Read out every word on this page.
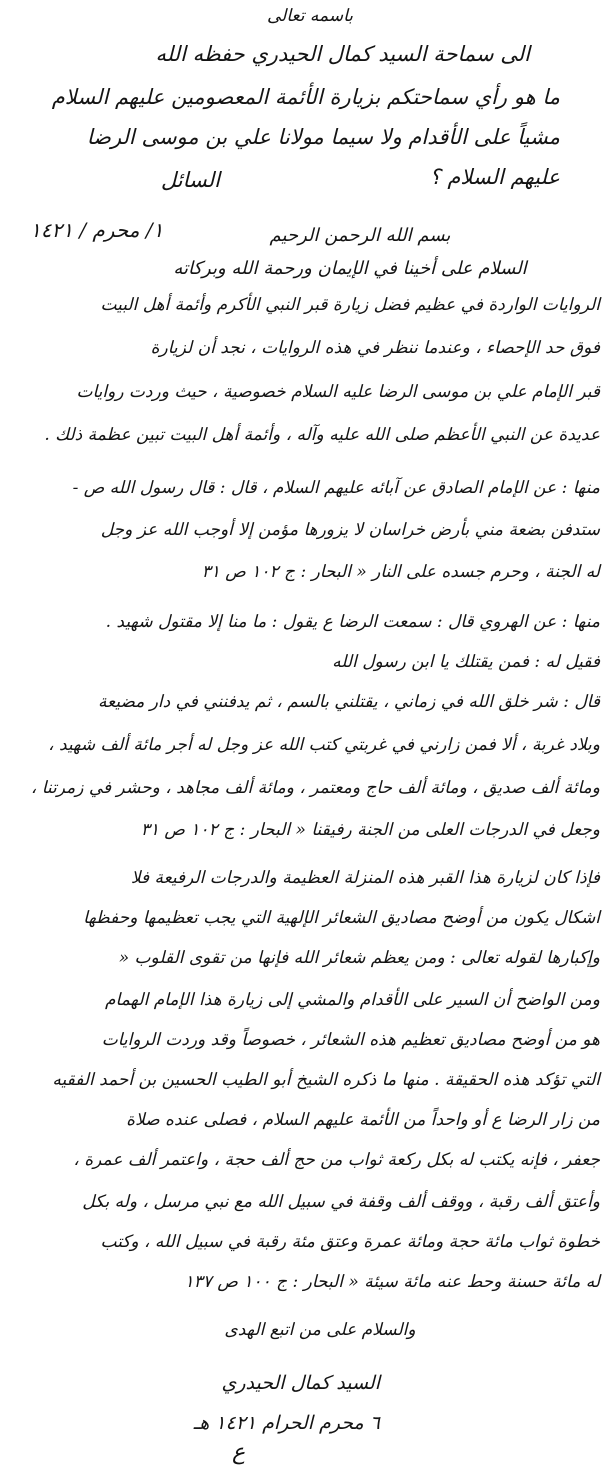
باسمه تعالى
الى سماحة السيد كمال الحيدري حفظه الله
ما هو رأي سماحتكم بزيارة الأئمة المعصومين عليهم السلام
مشياً على الأقدام ولا سيما مولانا علي بن موسى الرضا
عليهم السلام ؟
السائل
١/ محرم / ١٤٢١	بسم الله الرحمن الرحيم
السلام على أخينا في الإيمان ورحمة الله وبركاته
الروايات الواردة في عظيم فضل زيارة قبر النبي الأكرم وأئمة أهل البيت
فوق حد الإحصاء ، وعندما ننظر في هذه الروايات ، نجد أن لزيارة
قبر الإمام علي بن موسى الرضا عليه السلام خصوصية ، حيث وردت روايات
عديدة عن النبي الأعظم صلى الله عليه وآله ، وأئمة أهل البيت تبين عظمة ذلك .
منها : عن الإمام الصادق عن آبائه عليهم السلام ، قال : قال رسول الله ص -
ستدفن بضعة مني بأرض خراسان لا يزورها مؤمن إلا أوجب الله عز وجل
له الجنة ، وحرم جسده على النار « البحار : ج ١٠٢ ص ٣١
منها : عن الهروي قال : سمعت الرضا ع يقول : ما منا إلا مقتول شهيد .
فقيل له : فمن يقتلك يا ابن رسول الله
قال : شر خلق الله في زماني ، يقتلني بالسم ، ثم يدفنني في دار مضيعة
وبلاد غربة ، ألا فمن زارني في غربتي كتب الله عز وجل له أجر مائة ألف شهيد ،
ومائة ألف صديق ، ومائة ألف حاج ومعتمر ، ومائة ألف مجاهد ، وحشر في زمرتنا ،
وجعل في الدرجات العلى من الجنة رفيقنا « البحار : ج ١٠٢ ص ٣١
فإذا كان لزيارة هذا القبر هذه المنزلة العظيمة والدرجات الرفيعة فلا
اشكال يكون من أوضح مصاديق الشعائر الإلهية التي يجب تعظيمها وحفظها
وإكبارها لقوله تعالى : ومن يعظم شعائر الله فإنها من تقوى القلوب «
ومن الواضح أن السير على الأقدام والمشي إلى زيارة هذا الإمام الهمام
هو من أوضح مصاديق تعظيم هذه الشعائر ، خصوصاً وقد وردت الروايات
التي تؤكد هذه الحقيقة . منها ما ذكره الشيخ أبو الطيب الحسين بن أحمد الفقيه
من زار الرضا ع أو واحداً من الأئمة عليهم السلام ، فصلى عنده صلاة
جعفر ، فإنه يكتب له بكل ركعة ثواب من حج ألف حجة ، واعتمر ألف عمرة ،
وأعتق ألف رقبة ، ووقف ألف وقفة في سبيل الله مع نبي مرسل ، وله بكل
خطوة ثواب مائة حجة ومائة عمرة وعتق مئة رقبة في سبيل الله ، وكتب
له مائة حسنة وحط عنه مائة سيئة « البحار : ج ١٠٠ ص ١٣٧
والسلام على من اتبع الهدى
السيد كمال الحيدري
٦ محرم الحرام ١٤٢١ هـ
ع
